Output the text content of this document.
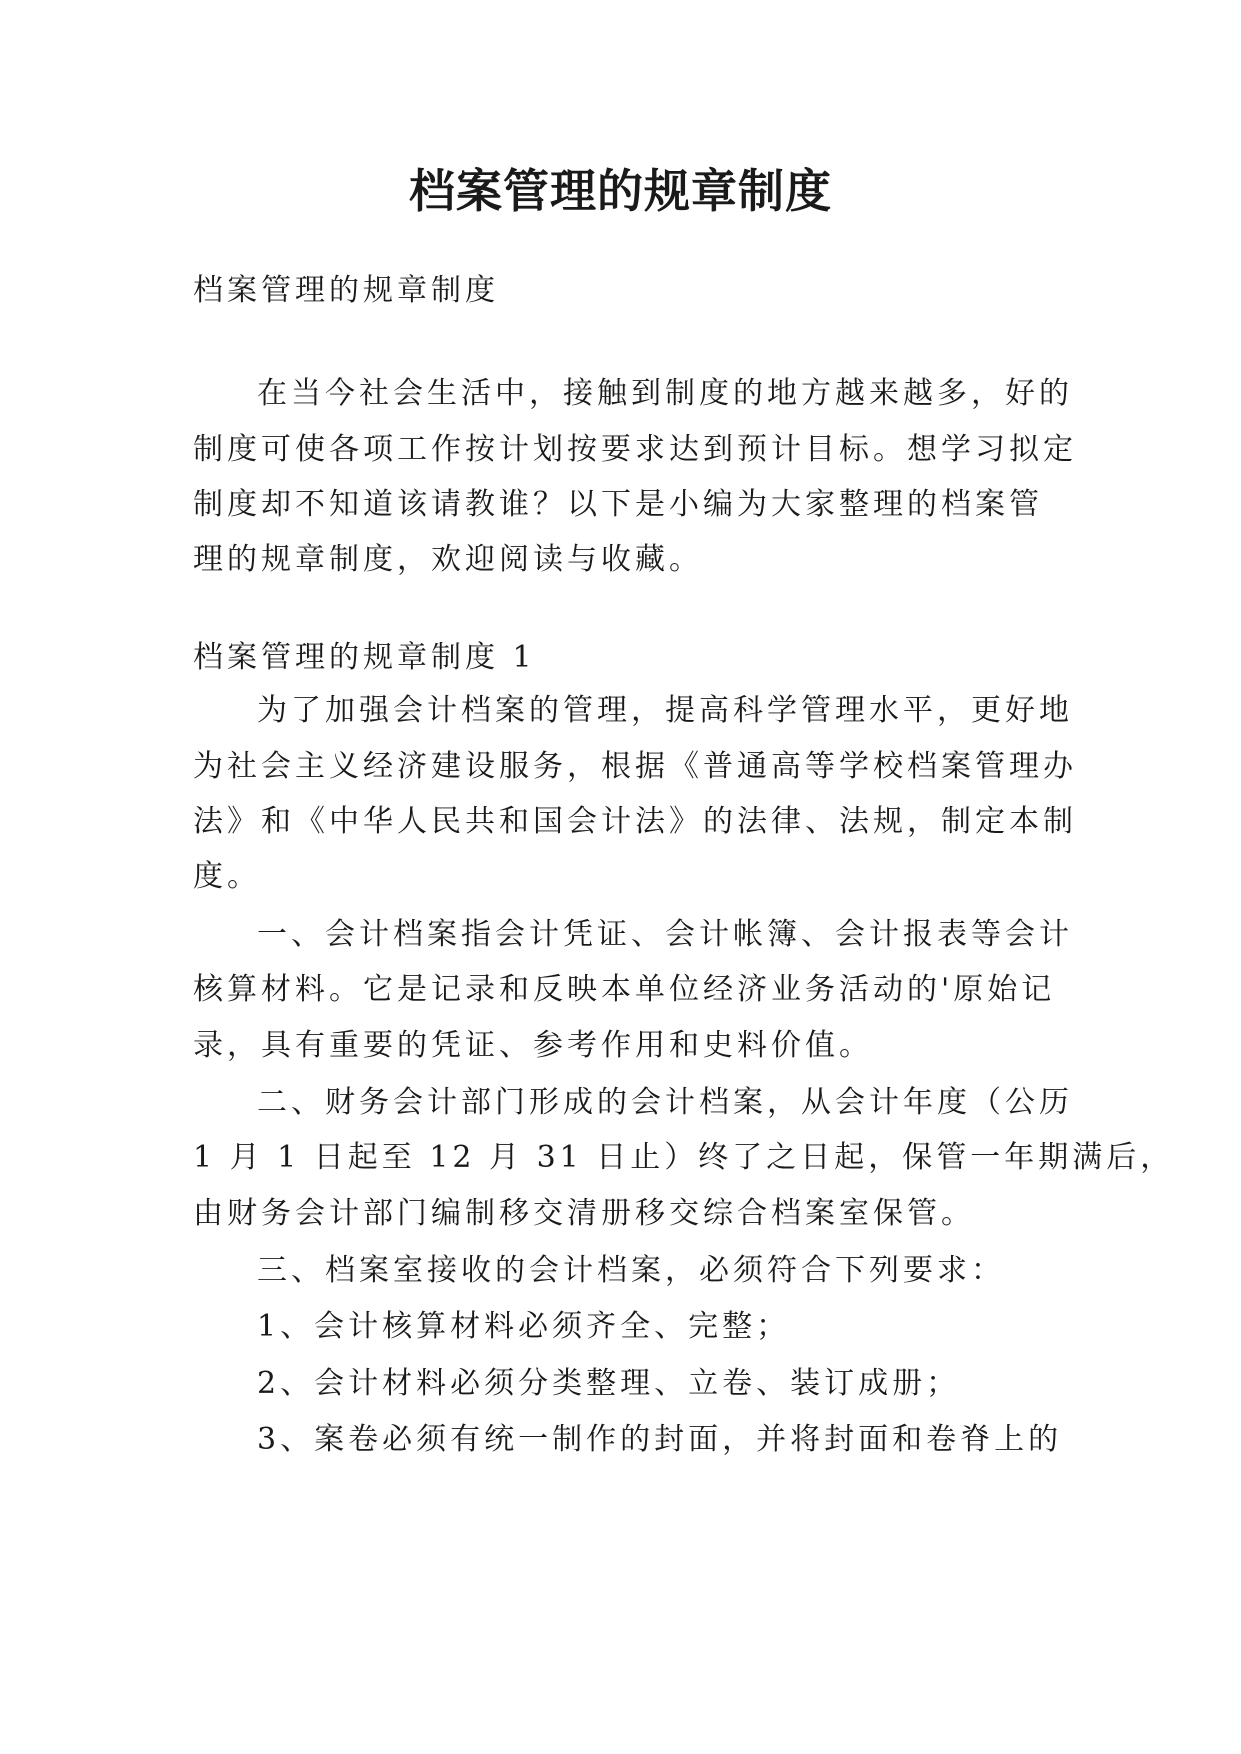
档案管理的规章制度

档案管理的规章制度

在当今社会生活中，接触到制度的地方越来越多，好的

制度可使各项工作按计划按要求达到预计目标。想学习拟定

制度却不知道该请教谁？以下是小编为大家整理的档案管

理的规章制度，欢迎阅读与收藏。

档案管理的规章制度 1

为了加强会计档案的管理，提高科学管理水平，更好地

为社会主义经济建设服务，根据《普通高等学校档案管理办

法》和《中华人民共和国会计法》的法律、法规，制定本制

度。

一、会计档案指会计凭证、会计帐簿、会计报表等会计

核算材料。它是记录和反映本单位经济业务活动的'原始记

录，具有重要的凭证、参考作用和史料价值。

二、财务会计部门形成的会计档案，从会计年度（公历

1 月 1 日起至 12 月 31 日止）终了之日起，保管一年期满后，

由财务会计部门编制移交清册移交综合档案室保管。

三、档案室接收的会计档案，必须符合下列要求：

1、会计核算材料必须齐全、完整；

2、会计材料必须分类整理、立卷、装订成册；

3、案卷必须有统一制作的封面，并将封面和卷脊上的
